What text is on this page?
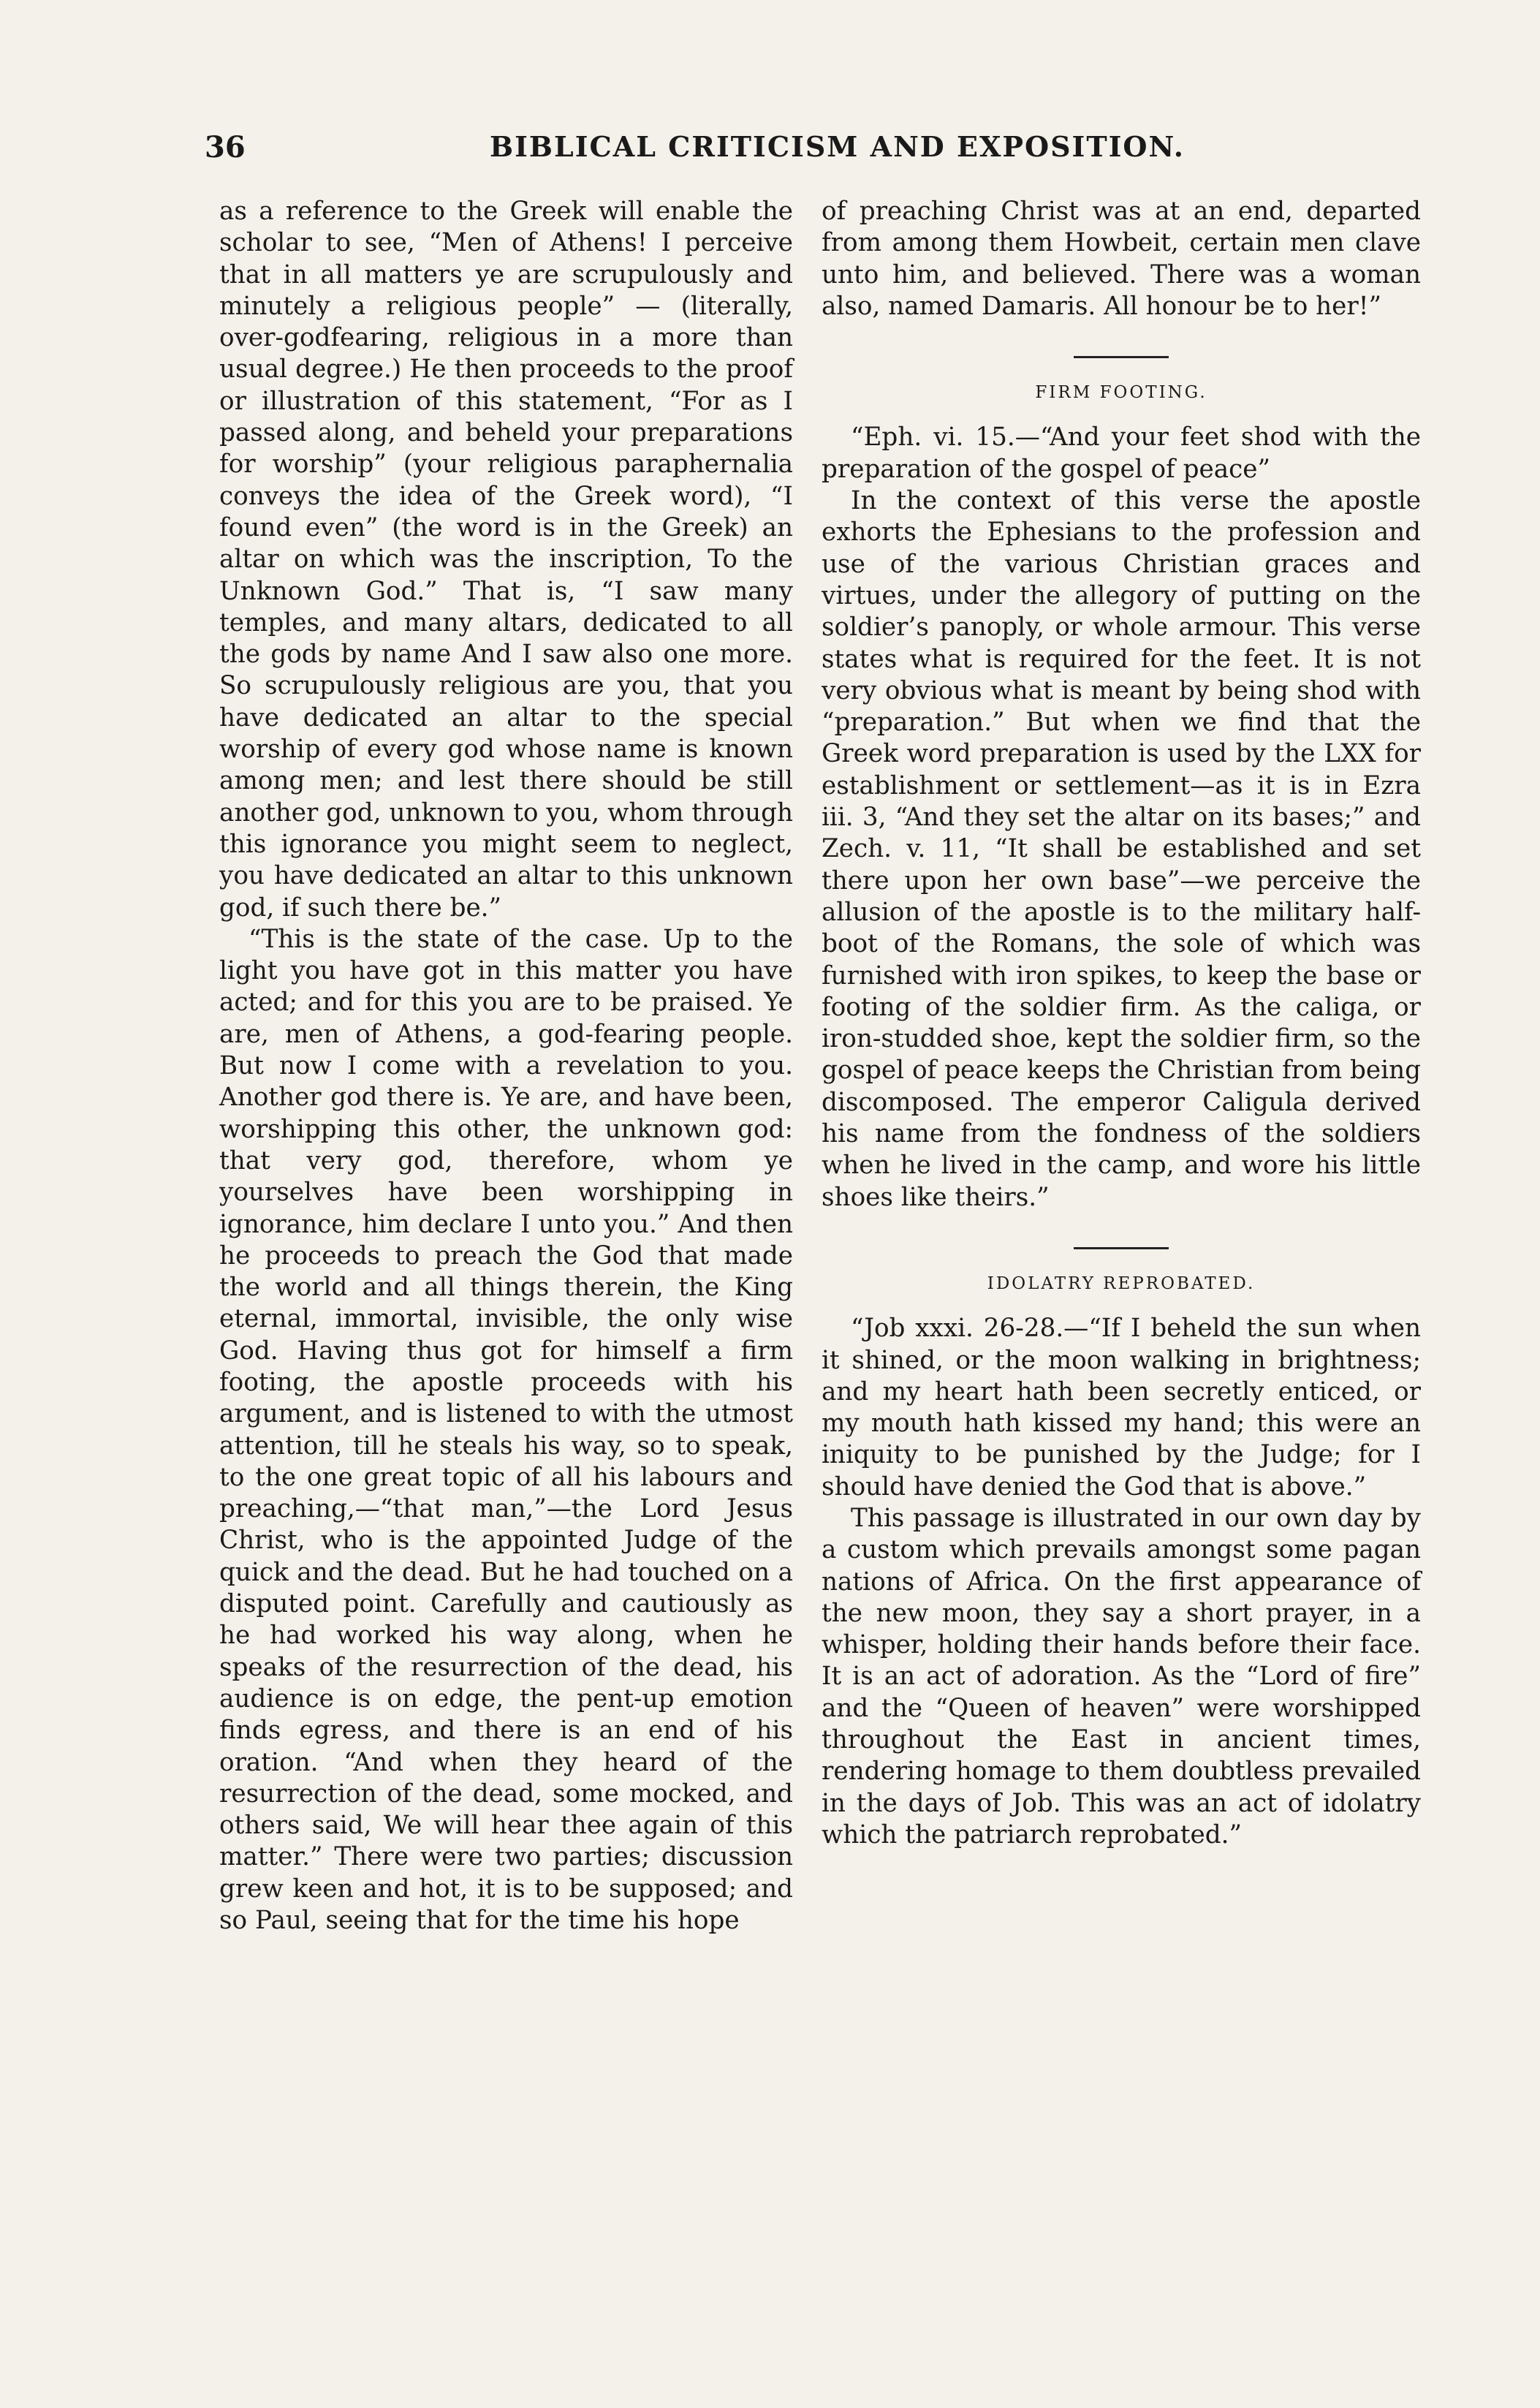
36	BIBLICAL CRITICISM AND EXPOSITION.

as a reference to the Greek will enable the scholar to see, “Men of Athens! I perceive that in all matters ye are scrupulously and minutely a religious people” — (literally, over-godfearing, religious in a more than usual degree.) He then proceeds to the proof or illustration of this statement, “For as I passed along, and beheld your preparations for worship” (your religious paraphernalia conveys the idea of the Greek word), “I found even” (the word is in the Greek) an altar on which was the inscription, To the Unknown God.” That is, “I saw many temples, and many altars, dedicated to all the gods by name And I saw also one more. So scrupulously religious are you, that you have dedicated an altar to the special worship of every god whose name is known among men; and lest there should be still another god, unknown to you, whom through this ignorance you might seem to neglect, you have dedicated an altar to this unknown god, if such there be.”

“This is the state of the case. Up to the light you have got in this matter you have acted; and for this you are to be praised. Ye are, men of Athens, a god-fearing people. But now I come with a revelation to you. Another god there is. Ye are, and have been, worshipping this other, the unknown god: that very god, therefore, whom ye yourselves have been worshipping in ignorance, him declare I unto you.” And then he proceeds to preach the God that made the world and all things therein, the King eternal, immortal, invisible, the only wise God. Having thus got for himself a firm footing, the apostle proceeds with his argument, and is listened to with the utmost attention, till he steals his way, so to speak, to the one great topic of all his labours and preaching,—“that man,”—the Lord Jesus Christ, who is the appointed Judge of the quick and the dead. But he had touched on a disputed point. Carefully and cautiously as he had worked his way along, when he speaks of the resurrection of the dead, his audience is on edge, the pent-up emotion finds egress, and there is an end of his oration. “And when they heard of the resurrection of the dead, some mocked, and others said, We will hear thee again of this matter.” There were two parties; discussion grew keen and hot, it is to be supposed; and so Paul, seeing that for the time his hope

of preaching Christ was at an end, departed from among them Howbeit, certain men clave unto him, and believed. There was a woman also, named Damaris. All honour be to her!”

FIRM FOOTING.

“Eph. vi. 15.—“And your feet shod with the preparation of the gospel of peace”

In the context of this verse the apostle exhorts the Ephesians to the profession and use of the various Christian graces and virtues, under the allegory of putting on the soldier’s panoply, or whole armour. This verse states what is required for the feet. It is not very obvious what is meant by being shod with “preparation.” But when we find that the Greek word preparation is used by the LXX for establishment or settlement—as it is in Ezra iii. 3, “And they set the altar on its bases;” and Zech. v. 11, “It shall be established and set there upon her own base”—we perceive the allusion of the apostle is to the military half-boot of the Romans, the sole of which was furnished with iron spikes, to keep the base or footing of the soldier firm. As the caliga, or iron-studded shoe, kept the soldier firm, so the gospel of peace keeps the Christian from being discomposed. The emperor Caligula derived his name from the fondness of the soldiers when he lived in the camp, and wore his little shoes like theirs.”

IDOLATRY REPROBATED.

“Job xxxi. 26-28.—“If I beheld the sun when it shined, or the moon walking in brightness; and my heart hath been secretly enticed, or my mouth hath kissed my hand; this were an iniquity to be punished by the Judge; for I should have denied the God that is above.”

This passage is illustrated in our own day by a custom which prevails amongst some pagan nations of Africa. On the first appearance of the new moon, they say a short prayer, in a whisper, holding their hands before their face. It is an act of adoration. As the “Lord of fire” and the “Queen of heaven” were worshipped throughout the East in ancient times, rendering homage to them doubtless prevailed in the days of Job. This was an act of idolatry which the patriarch reprobated.”
